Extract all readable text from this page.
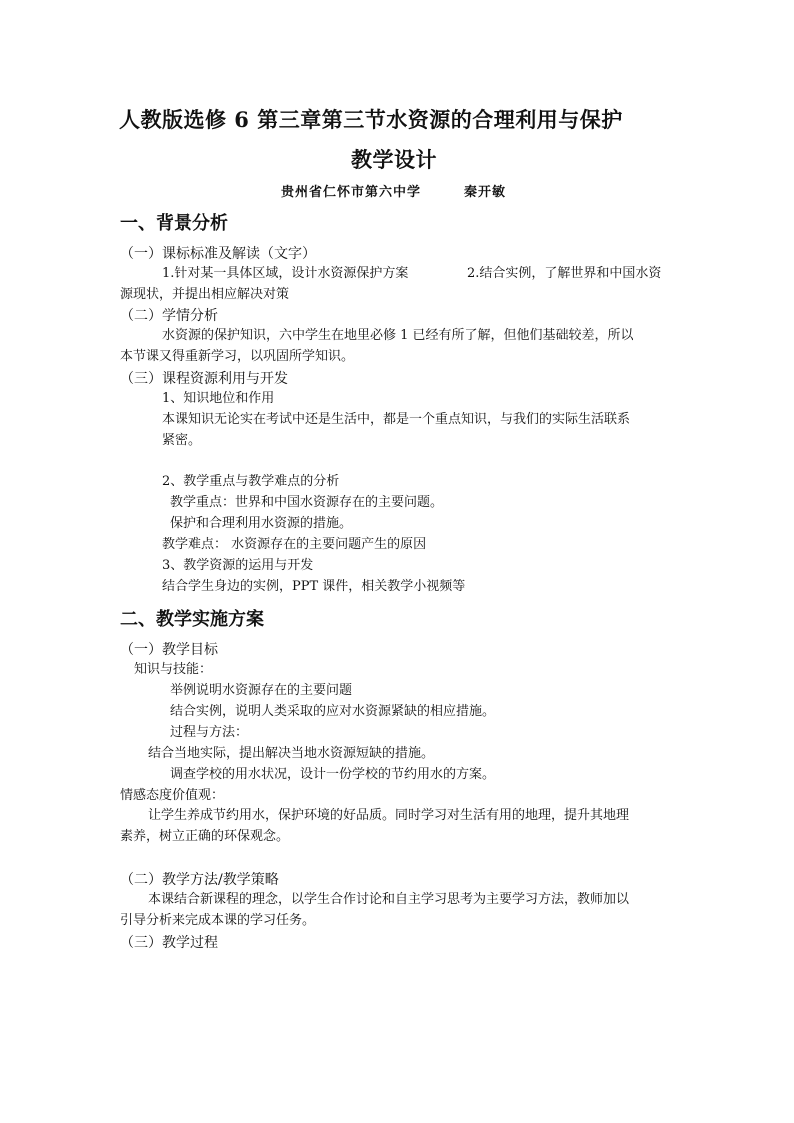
人教版选修 6 第三章第三节水资源的合理利用与保护
教学设计
贵州省仁怀市第六中学	秦开敏
一、背景分析
（一）课标标准及解读（文字）
1.针对某一具体区域，设计水资源保护方案	2.结合实例，了解世界和中国水资
源现状，并提出相应解决对策
（二）学情分析
水资源的保护知识，六中学生在地里必修 1 已经有所了解，但他们基础较差，所以
本节课又得重新学习，以巩固所学知识。
（三）课程资源利用与开发
1、知识地位和作用
本课知识无论实在考试中还是生活中，都是一个重点知识，与我们的实际生活联系
紧密。
2、教学重点与教学难点的分析
教学重点：世界和中国水资源存在的主要问题。
保护和合理利用水资源的措施。
教学难点： 水资源存在的主要问题产生的原因
3、教学资源的运用与开发
结合学生身边的实例，PPT 课件，相关教学小视频等
二、教学实施方案
（一）教学目标
知识与技能：
举例说明水资源存在的主要问题
结合实例，说明人类采取的应对水资源紧缺的相应措施。
过程与方法：
结合当地实际，提出解决当地水资源短缺的措施。
调查学校的用水状况，设计一份学校的节约用水的方案。
情感态度价值观：
让学生养成节约用水，保护环境的好品质。同时学习对生活有用的地理，提升其地理
素养，树立正确的环保观念。
（二）教学方法/教学策略
本课结合新课程的理念，以学生合作讨论和自主学习思考为主要学习方法，教师加以
引导分析来完成本课的学习任务。
（三）教学过程
